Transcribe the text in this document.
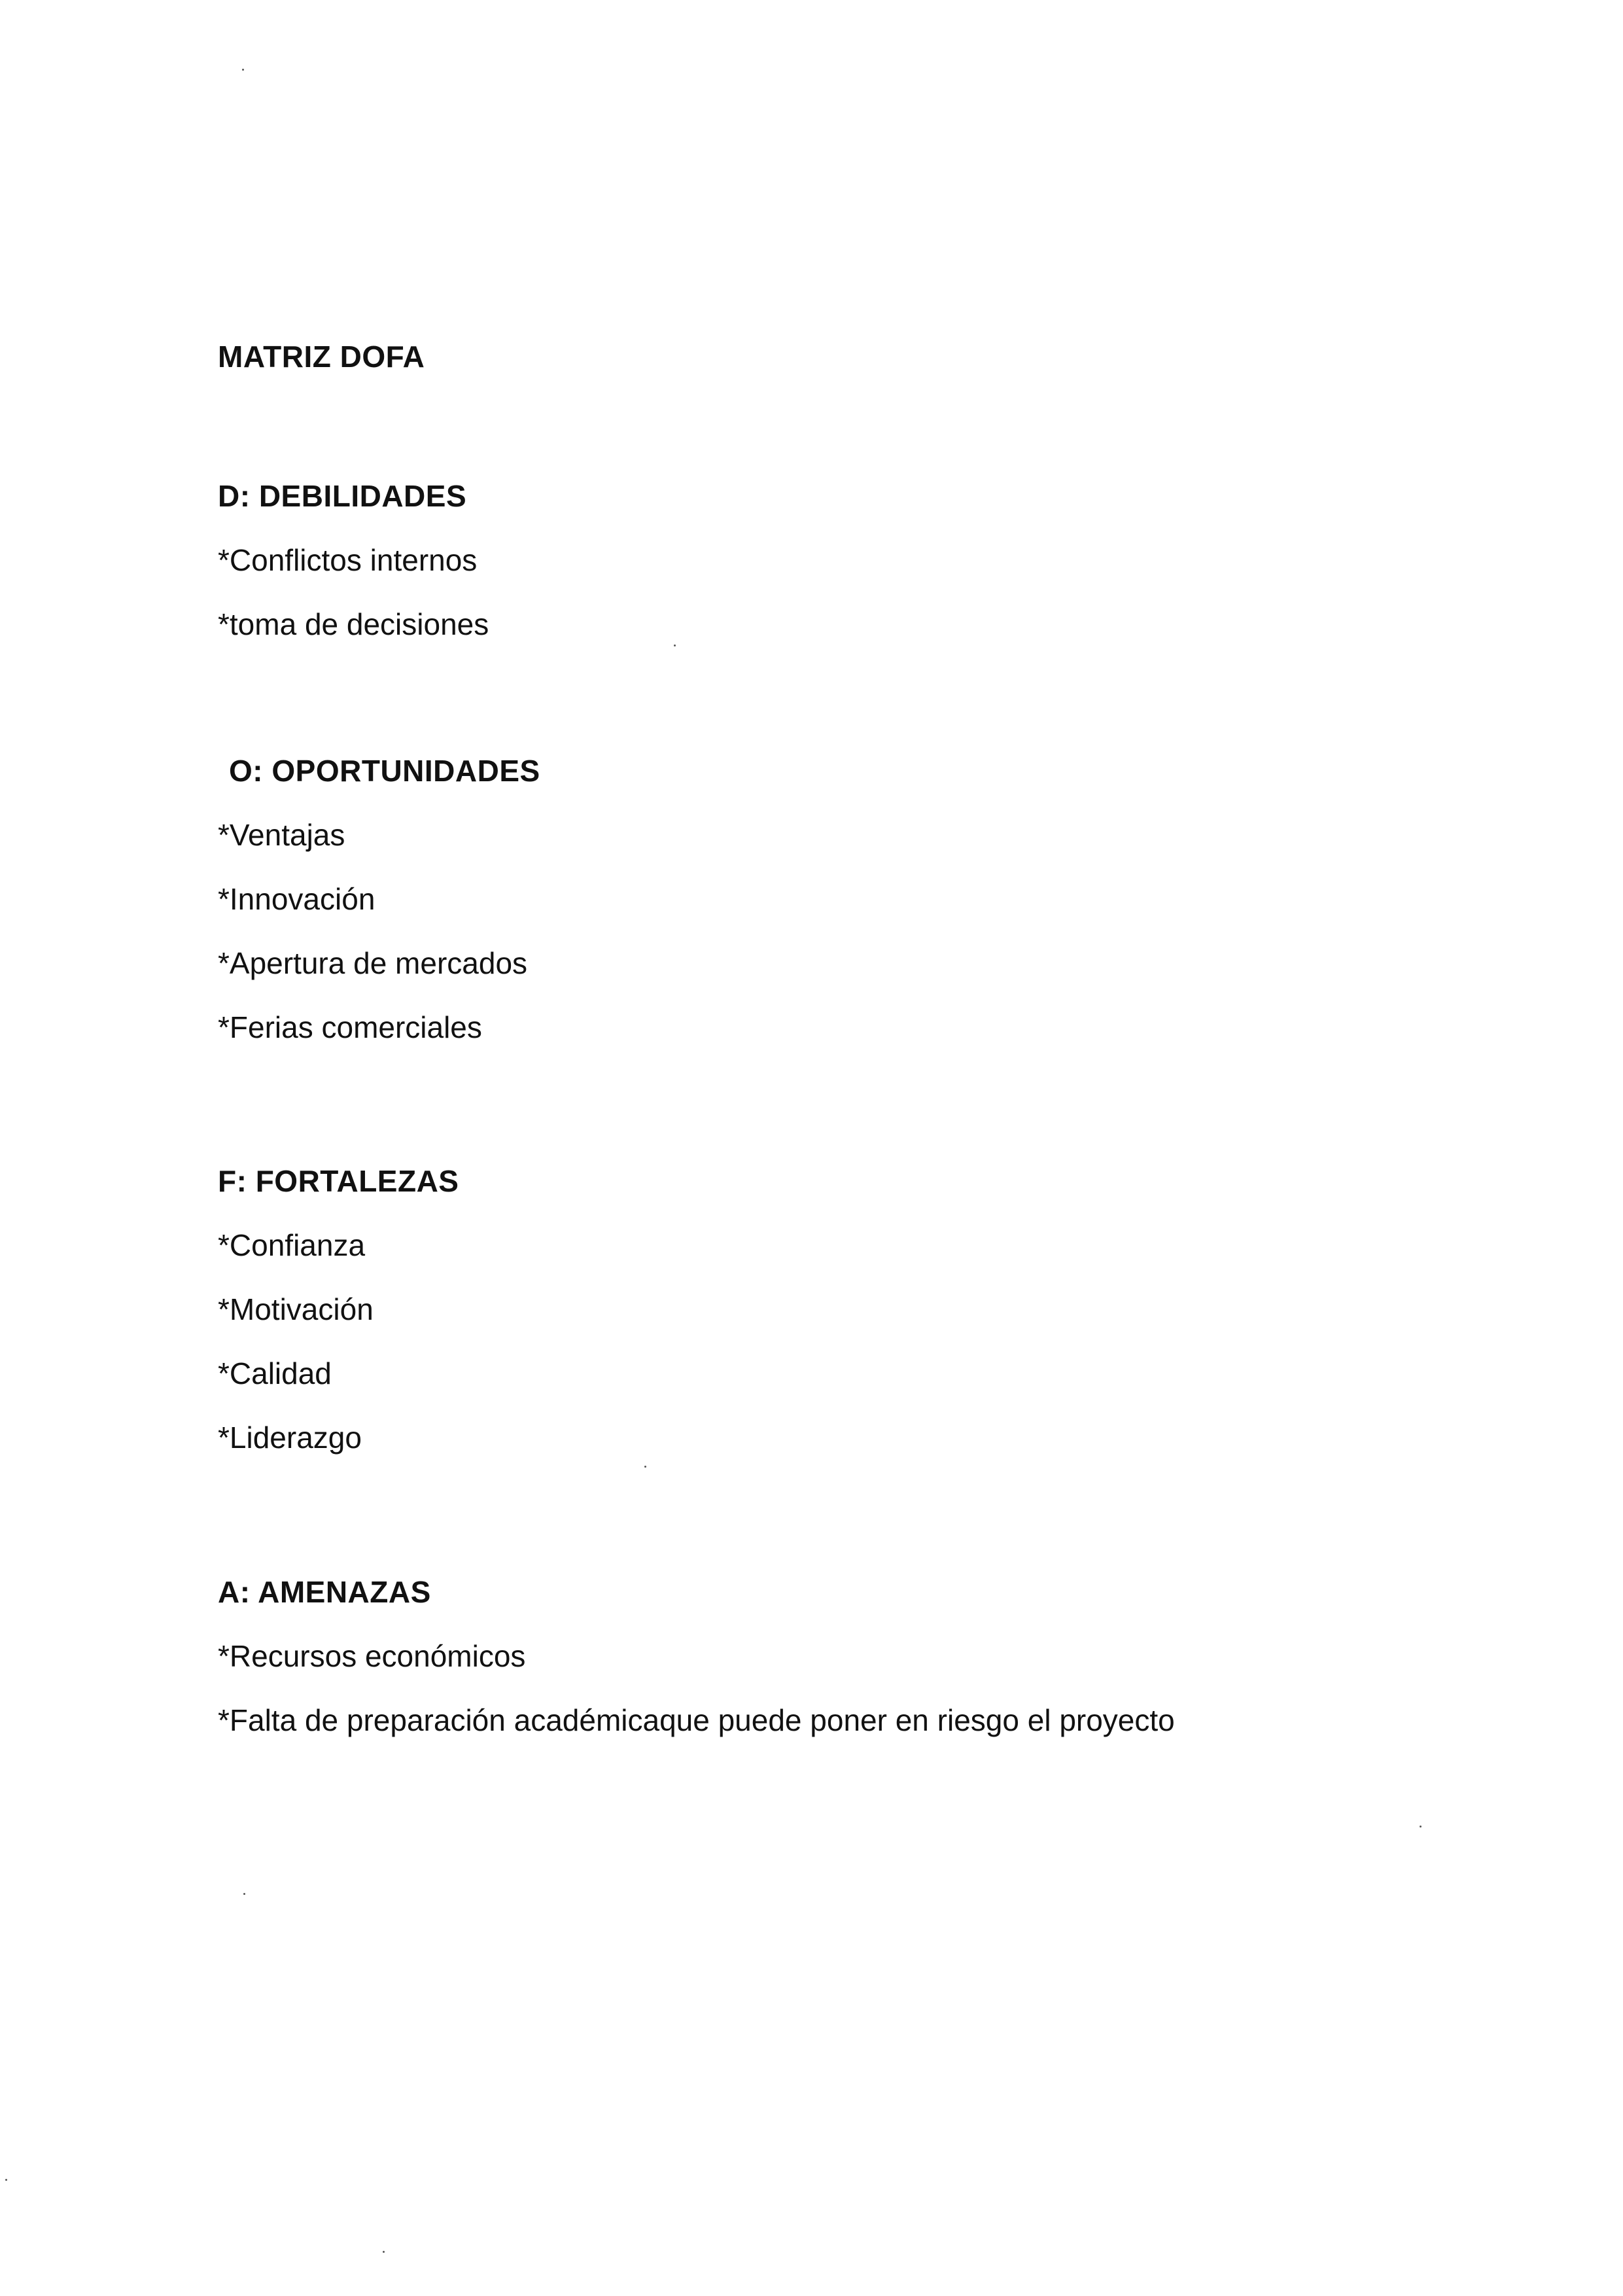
MATRIZ DOFA
D: DEBILIDADES
*Conflictos internos
*toma de decisiones
O: OPORTUNIDADES
*Ventajas
*Innovación
*Apertura de mercados
*Ferias comerciales
F: FORTALEZAS
*Confianza
*Motivación
*Calidad
*Liderazgo
A: AMENAZAS
*Recursos económicos
*Falta de preparación académicaque puede poner en riesgo el proyecto
